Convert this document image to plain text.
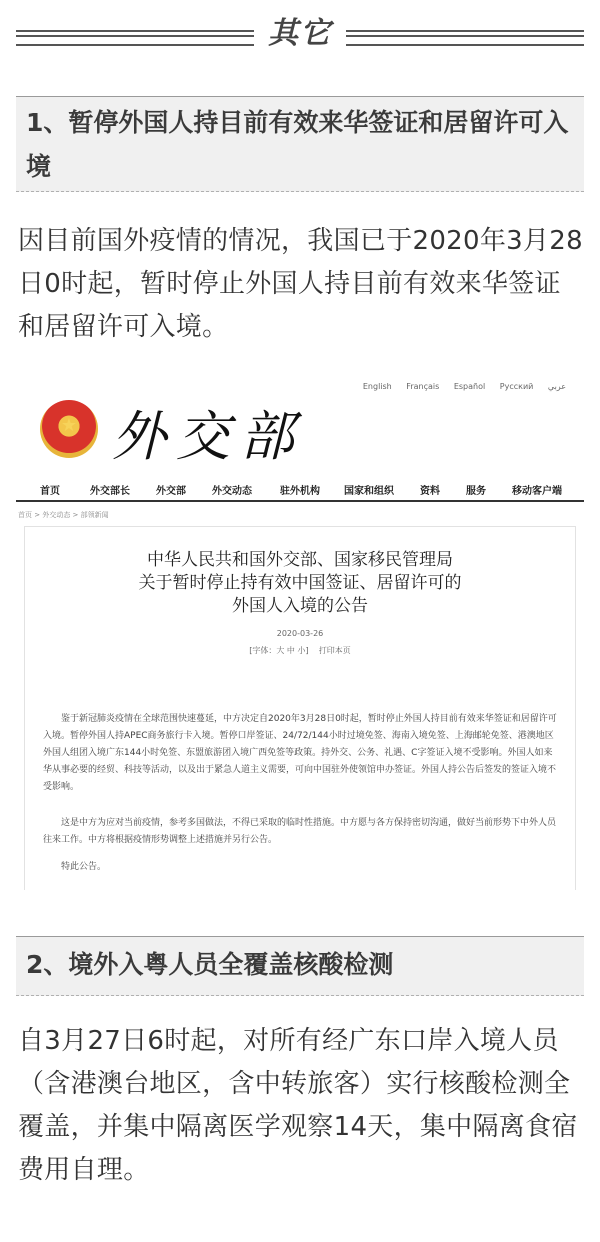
其它
1、暂停外国人持目前有效来华签证和居留许可入境
因目前国外疫情的情况，我国已于2020年3月28日0时起，暂时停止外国人持目前有效来华签证和居留许可入境。
English Français Español Русский عربي
★
外交部
首页	外交部长	外交部	外交动态	驻外机构 国家和组织	资料	服务	移动客户端
首页 > 外交动态 > 部领新闻
中华人民共和国外交部、国家移民管理局
关于暂时停止持有效中国签证、居留许可的
外国人入境的公告
2020-03-26
[字体：大 中 小] 打印本页
鉴于新冠肺炎疫情在全球范围快速蔓延，中方决定自2020年3月28日0时起，暂时停止外国人持目前有效来华签证和居留许可入境。暂停外国人持APEC商务旅行卡入境。暂停口岸签证、24/72/144小时过境免签、海南入境免签、上海邮轮免签、港澳地区外国人组团入境广东144小时免签、东盟旅游团入境广西免签等政策。持外交、公务、礼遇、C字签证入境不受影响。外国人如来华从事必要的经贸、科技等活动，以及出于紧急人道主义需要，可向中国驻外使领馆申办签证。外国人持公告后签发的签证入境不受影响。
这是中方为应对当前疫情，参考多国做法，不得已采取的临时性措施。中方愿与各方保持密切沟通，做好当前形势下中外人员往来工作。中方将根据疫情形势调整上述措施并另行公告。
特此公告。
2、境外入粤人员全覆盖核酸检测
自3月27日6时起，对所有经广东口岸入境人员（含港澳台地区，含中转旅客）实行核酸检测全覆盖，并集中隔离医学观察14天，集中隔离食宿费用自理。
